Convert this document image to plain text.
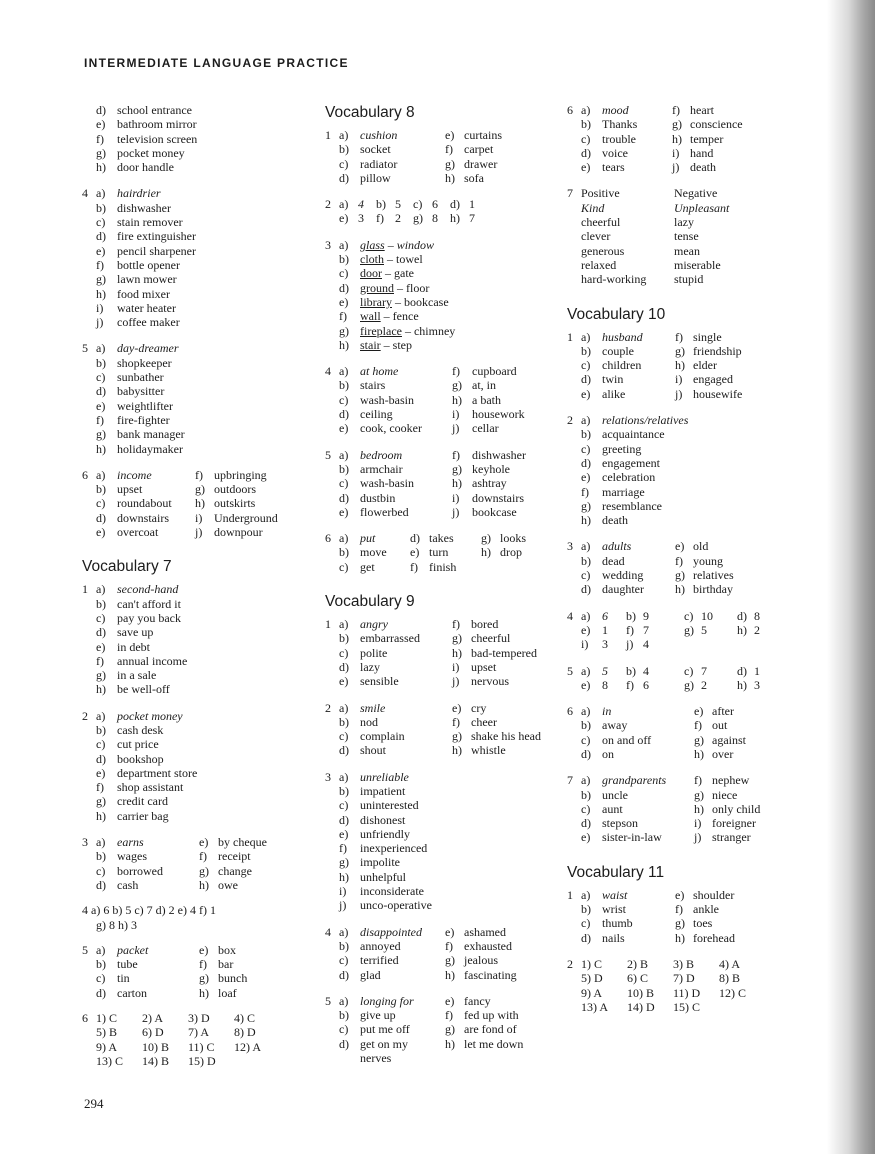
INTERMEDIATE LANGUAGE PRACTICE
d) school entrance
e) bathroom mirror
f)	television screen
g) pocket money
h) door handle
4 a) hairdrier
b) dishwasher
c) stain remover
d) fire extinguisher
e) pencil sharpener
f)	bottle opener
g) lawn mower
h) food mixer
i)	water heater
j)	coffee maker
5 a) day-dreamer
b) shopkeeper
c) sunbather
d) babysitter
e) weightlifter
f)	fire-fighter
g) bank manager
h) holidaymaker
6 a) income	f) upbringing
b) upset	g) outdoors
c) roundabout	h) outskirts
d) downstairs	i) Underground
e) overcoat	j) downpour
Vocabulary 7
1 a) second-hand
b) can't afford it
c) pay you back
d) save up
e) in debt
f)	annual income
g) in a sale
h) be well-off
2 a) pocket money
b) cash desk
c) cut price
d) bookshop
e) department store
f)	shop assistant
g) credit card
h) carrier bag
3 a) earns	e) by cheque
b) wages	f) receipt
c) borrowed	g) change
d) cash	h) owe
4 a) 6 b) 5 c) 7 d) 2 e) 4 f) 1
g) 8 h) 3
5 a) packet	e) box
b) tube	f) bar
c) tin	g) bunch
d) carton	h) loaf
6 1) C	2) A	3) D	4) C
5) B	6) D	7) A	8) D
9) A	10) B	11) C	12) A
13) C	14) B	15) D
Vocabulary 8
1 a) cushion	e) curtains
b) socket	f) carpet
c) radiator	g) drawer
d) pillow	h) sofa
2 a) 4	b) 5	c) 6	d) 1
e) 3	f) 2	g) 8	h) 7
3 a) glass – window
b) cloth – towel
c) door – gate
d) ground – floor
e) library – bookcase
f)	wall – fence
g) fireplace – chimney
h) stair – step
4 a) at home	f)	cupboard
b) stairs	g) at, in
c) wash-basin	h) a bath
d) ceiling	i)	housework
e) cook, cooker	j)	cellar
5 a) bedroom	f)	dishwasher
b) armchair	g) keyhole
c) wash-basin	h) ashtray
d) dustbin	i)	downstairs
e) flowerbed	j)	bookcase
6 a) put	d) takes	g) looks
b) move	e) turn	h) drop
c) get	f) finish
Vocabulary 9
1 a) angry	f) bored
b) embarrassed	g) cheerful
c) polite	h) bad-tempered
d) lazy	i) upset
e) sensible	j) nervous
2 a) smile	e) cry
b) nod	f) cheer
c) complain	g) shake his head
d) shout	h) whistle
3 a) unreliable
b) impatient
c) uninterested
d) dishonest
e) unfriendly
f)	inexperienced
g) impolite
h) unhelpful
i)	inconsiderate
j)	unco-operative
4 a) disappointed	e) ashamed
b) annoyed	f) exhausted
c) terrified	g) jealous
d) glad	h) fascinating
5 a) longing for	e) fancy
b) give up	f) fed up with
c) put me off	g) are fond of
d) get on my	h) let me down
nerves
6 a) mood	f) heart
b) Thanks	g) conscience
c) trouble	h) temper
d) voice	i) hand
e) tears	j) death
7 Positive	Negative
Kind	Unpleasant
cheerful	lazy
clever	tense
generous	mean
relaxed	miserable
hard-working	stupid
Vocabulary 10
1 a) husband	f) single
b) couple	g) friendship
c) children	h) elder
d) twin	i) engaged
e) alike	j) housewife
2 a) relations/relatives
b) acquaintance
c) greeting
d) engagement
e) celebration
f)	marriage
g) resemblance
h) death
3 a) adults	e) old
b) dead	f) young
c) wedding	g) relatives
d) daughter	h) birthday
4 a) 6	b) 9	c) 10	d) 8
e) 1	f) 7	g) 5	h) 2
i)	3	j) 4
5 a) 5	b) 4	c) 7	d) 1
e) 8	f) 6	g) 2	h) 3
6 a) in	e) after
b) away	f) out
c) on and off	g) against
d) on	h) over
7 a) grandparents	f) nephew
b) uncle	g) niece
c) aunt	h) only child
d) stepson	i) foreigner
e) sister-in-law	j) stranger
Vocabulary 11
1 a) waist	e) shoulder
b) wrist	f) ankle
c) thumb	g) toes
d) nails	h) forehead
2 1) C	2) B	3) B	4) A
5) D	6) C	7) D	8) B
9) A	10) B	11) D	12) C
13) A	14) D	15) C
294
